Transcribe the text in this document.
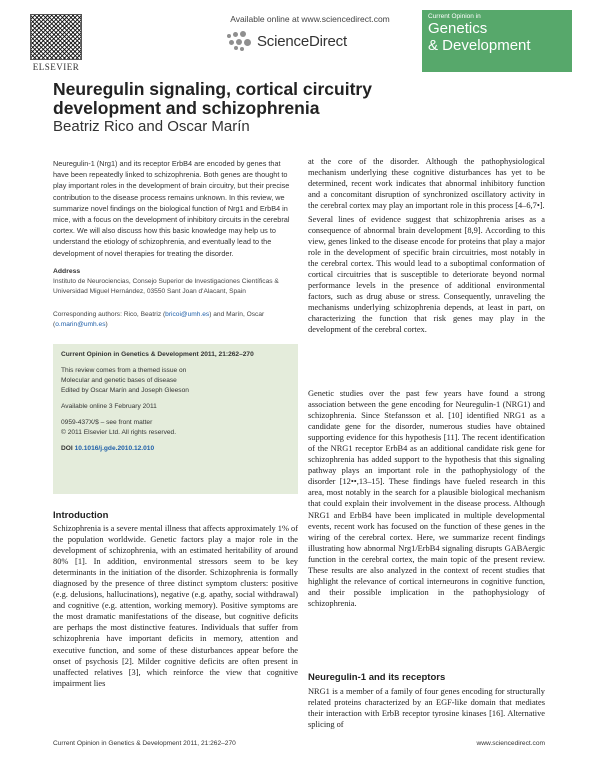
ELSEVIER
Available online at www.sciencedirect.com
ScienceDirect
Current Opinion in
Genetics
& Development
Neuregulin signaling, cortical circuitry development and schizophrenia
Beatriz Rico and Oscar Marín
Neuregulin-1 (Nrg1) and its receptor ErbB4 are encoded by genes that have been repeatedly linked to schizophrenia. Both genes are thought to play important roles in the development of brain circuitry, but their precise contribution to the disease process remains unknown. In this review, we summarize novel findings on the biological function of Nrg1 and ErbB4 in mice, with a focus on the development of inhibitory circuits in the cerebral cortex. We will also discuss how this basic knowledge may help us to understand the etiology of schizophrenia, and eventually lead to the development of novel therapies for treating the disorder.
Address
Instituto de Neurociencias, Consejo Superior de Investigaciones Científicas & Universidad Miguel Hernández, 03550 Sant Joan d'Alacant, Spain
Corresponding authors: Rico, Beatriz (bricoi@umh.es) and Marín, Oscar (o.marin@umh.es)
Current Opinion in Genetics & Development 2011, 21:262–270
This review comes from a themed issue on
Molecular and genetic bases of disease
Edited by Oscar Marín and Joseph Gleeson
Available online 3 February 2011
0959-437X/$ – see front matter
© 2011 Elsevier Ltd. All rights reserved.
DOI 10.1016/j.gde.2010.12.010
Introduction
Schizophrenia is a severe mental illness that affects approximately 1% of the population worldwide. Genetic factors play a major role in the development of schizophrenia, with an estimated heritability of around 80% [1]. In addition, environmental stressors seem to be key determinants in the initiation of the disorder. Schizophrenia is formally diagnosed by the presence of three distinct symptom clusters: positive (e.g. delusions, hallucinations), negative (e.g. apathy, social withdrawal) and cognitive (e.g. attention, working memory). Positive symptoms are the most dramatic manifestations of the disease, but cognitive deficits are perhaps the most distinctive features. Individuals that suffer from schizophrenia have important deficits in memory, attention and executive function, and some of these disturbances appear before the onset of psychosis [2]. Milder cognitive deficits are often present in unaffected relatives [3], which reinforce the view that cognitive impairment lies
at the core of the disorder. Although the pathophysiological mechanism underlying these cognitive disturbances has yet to be determined, recent work indicates that abnormal inhibitory function and a concomitant disruption of synchronized oscillatory activity in the cerebral cortex may play an important role in this process [4–6,7•].
Several lines of evidence suggest that schizophrenia arises as a consequence of abnormal brain development [8,9]. According to this view, genes linked to the disease encode for proteins that play a major role in the development of specific brain circuitries, most notably in the cerebral cortex. This would lead to a suboptimal conformation of cortical circuitries that is susceptible to deteriorate beyond normal performance levels in the presence of additional environmental factors, such as drug abuse or stress. Consequently, unraveling the mechanisms underlying schizophrenia depends, at least in part, on characterizing the function that risk genes may play in the development of the cerebral cortex.
Genetic studies over the past few years have found a strong association between the gene encoding for Neuregulin-1 (NRG1) and schizophrenia. Since Stefansson et al. [10] identified NRG1 as a candidate gene for the disorder, numerous studies have obtained supporting evidence for this hypothesis [11]. The recent identification of the NRG1 receptor ErbB4 as an additional candidate risk gene for schizophrenia has added support to the hypothesis that this signaling pathway plays an important role in the pathophysiology of the disorder [12••,13–15]. These findings have fueled research in this area, most notably in the search for a plausible biological mechanism that could explain their involvement in the disease process. Although NRG1 and ErbB4 have been implicated in multiple developmental events, recent work has focused on the function of these genes in the wiring of the cerebral cortex. Here, we summarize recent findings illustrating how abnormal Nrg1/ErbB4 signaling disrupts GABAergic function in the cerebral cortex, the main topic of the present review. These results are also analyzed in the context of recent studies that highlight the relevance of cortical interneurons in cognitive function, and their possible implication in the pathophysiology of schizophrenia.
Neuregulin-1 and its receptors
NRG1 is a member of a family of four genes encoding for structurally related proteins characterized by an EGF-like domain that mediates their interaction with ErbB receptor tyrosine kinases [16]. Alternative splicing of
Current Opinion in Genetics & Development 2011, 21:262–270	www.sciencedirect.com
